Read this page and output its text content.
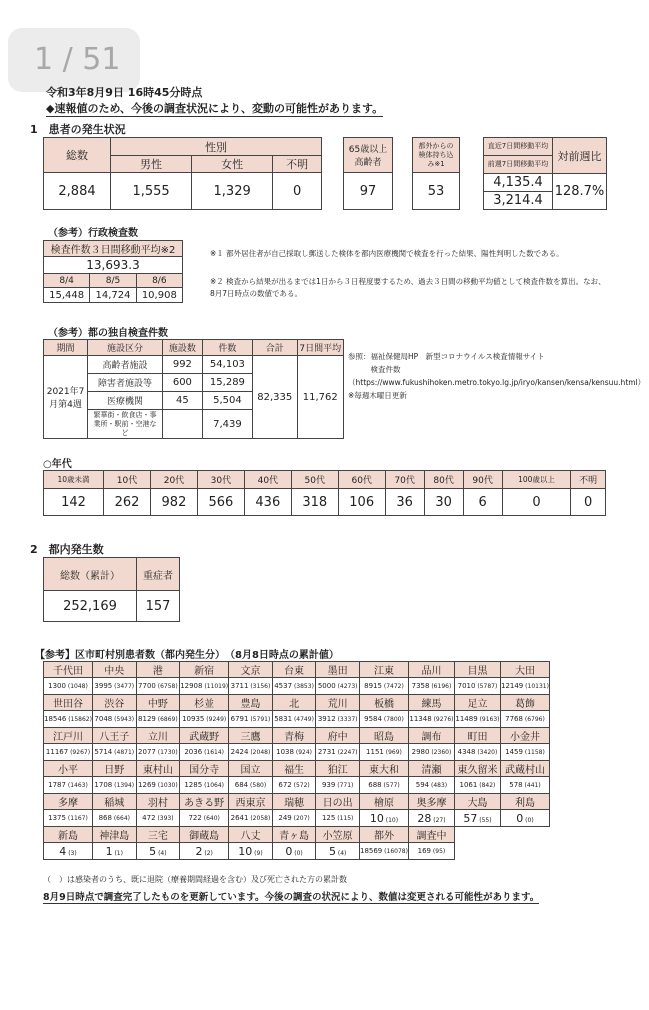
1 / 51
令和3年8月9日 16時45分時点
◆速報値のため、今後の調査状況により、変動の可能性があります。
1　患者の発生状況
総数	性別		
	男性	女性	不明
2,884	1,555	1,329	0
65歳以上
高齢者
97
都外からの
検体持ち込
み※1
53
直近7日間移動平均	対前週比
前週7日間移動平均	
4,135.4	128.7%
3,214.4	
（参考）行政検査数
検査件数３日間移動平均※2		
13,693.3		
8/4	8/5	8/6
15,448	14,724	10,908
※１ 都外居住者が自己採取し郵送した検体を都内医療機関で検査を行った結果、陽性判明した数である。
※２ 検査から結果が出るまでは1日から３日程度要するため、過去３日間の移動平均値として検査件数を算出。なお、8月7日時点の数値である。
（参考）都の独自検査件数
期間	施設区分	施設数	件数	合計	7日間平均
2021年7月第4週	高齢者施設	992	54,103	82,335	11,762
	障害者施設等	600	15,289		
	医療機関	45	5,504		
	繁華街・飲食店・事業所・駅前・空港など		7,439		
参照：福祉保健局HP　新型コロナウイルス検査情報サイト
　　　検査件数
（https://www.fukushihoken.metro.tokyo.lg.jp/iryo/kansen/kensa/kensuu.html）
※毎週木曜日更新
○年代
10歳未満	10代	20代	30代	40代	50代	60代	70代	80代	90代	100歳以上	不明
142	262	982	566	436	318	106	36	30	6	0	0
2　都内発生数
総数（累計）	重症者
252,169	157
【参考】区市町村別患者数（都内発生分）　（8月8日時点の累計値）
千代田	中央	港	新宿	文京	台東	墨田	江東	品川	目黒	大田
1300 (1048)	3995 (3477)	7700 (6758)	12908 (11019)	3711 (3156)	4537 (3853)	5000 (4273)	8915 (7472)	7358 (6196)	7010 (5787)	12149 (10131)
世田谷	渋谷	中野	杉並	豊島	北	荒川	板橋	練馬	足立	葛飾
18546 (15862)	7048 (5943)	8129 (6869)	10935 (9249)	6791 (5791)	5831 (4749)	3912 (3337)	9584 (7800)	11348 (9276)	11489 (9163)	7768 (6796)
江戸川	八王子	立川	武蔵野	三鷹	青梅	府中	昭島	調布	町田	小金井
11167 (9267)	5714 (4871)	2077 (1730)	2036 (1614)	2424 (2048)	1038 (924)	2731 (2247)	1151 (969)	2980 (2360)	4348 (3420)	1459 (1158)
小平	日野	東村山	国分寺	国立	福生	狛江	東大和	清瀬	東久留米	武蔵村山
1787 (1463)	1708 (1394)	1269 (1030)	1285 (1064)	684 (580)	672 (572)	939 (771)	688 (577)	594 (483)	1061 (842)	578 (441)
多摩	稲城	羽村	あきる野	西東京	瑞穂	日の出	檜原	奥多摩	大島	利島
1375 (1167)	868 (664)	472 (393)	722 (640)	2641 (2058)	249 (207)	125 (115)	10 (10)	28 (27)	57 (55)	0 (0)
新島	神津島	三宅	御蔵島	八丈	青ヶ島	小笠原	都外	調査中		
4 (3)	1 (1)	5 (4)	2 (2)	10 (9)	0 (0)	5 (4)	18569 (16078)	169 (95)		
（　）は感染者のうち、既に退院（療養期間経過を含む）及び死亡された方の累計数
8月9日時点で調査完了したものを更新しています。今後の調査の状況により、数値は変更される可能性があります。
